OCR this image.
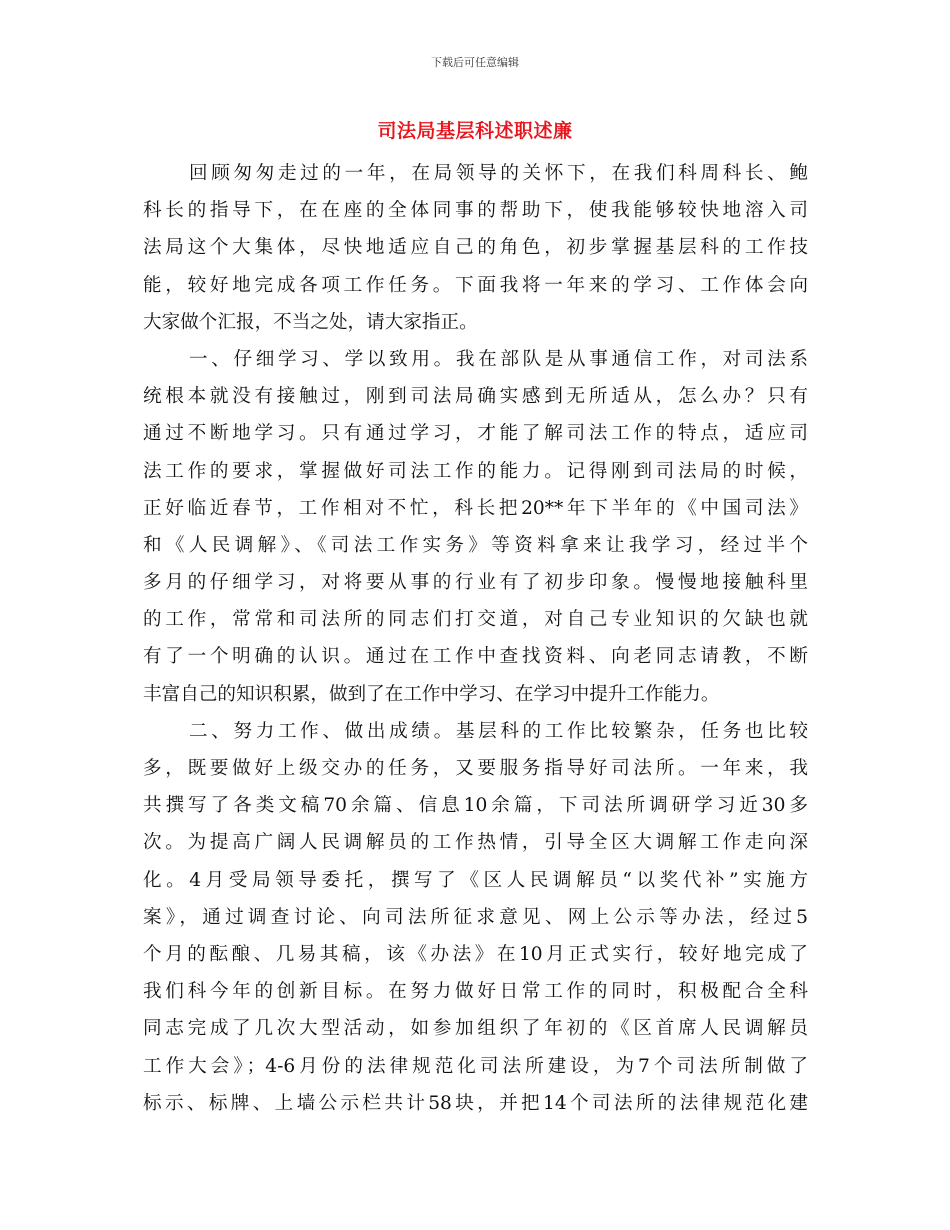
下载后可任意编辑
司法局基层科述职述廉
回顾匆匆走过的一年，在局领导的关怀下，在我们科周科长、鲍
科长的指导下，在在座的全体同事的帮助下，使我能够较快地溶入司
法局这个大集体，尽快地适应自己的角色，初步掌握基层科的工作技
能，较好地完成各项工作任务。下面我将一年来的学习、工作体会向
大家做个汇报，不当之处，请大家指正。
一、仔细学习、学以致用。我在部队是从事通信工作，对司法系
统根本就没有接触过，刚到司法局确实感到无所适从，怎么办？只有
通过不断地学习。只有通过学习，才能了解司法工作的特点，适应司
法工作的要求，掌握做好司法工作的能力。记得刚到司法局的时候，
正好临近春节，工作相对不忙，科长把20**年下半年的《中国司法》
和《人民调解》、《司法工作实务》等资料拿来让我学习，经过半个
多月的仔细学习，对将要从事的行业有了初步印象。慢慢地接触科里
的工作，常常和司法所的同志们打交道，对自己专业知识的欠缺也就
有了一个明确的认识。通过在工作中查找资料、向老同志请教，不断
丰富自己的知识积累，做到了在工作中学习、在学习中提升工作能力。
二、努力工作、做出成绩。基层科的工作比较繁杂，任务也比较
多，既要做好上级交办的任务，又要服务指导好司法所。一年来，我
共撰写了各类文稿70余篇、信息10余篇，下司法所调研学习近30多
次。为提高广阔人民调解员的工作热情，引导全区大调解工作走向深
化。4月受局领导委托，撰写了《区人民调解员“以奖代补”实施方
案》，通过调查讨论、向司法所征求意见、网上公示等办法，经过5
个月的酝酿、几易其稿，该《办法》在10月正式实行，较好地完成了
我们科今年的创新目标。在努力做好日常工作的同时，积极配合全科
同志完成了几次大型活动，如参加组织了年初的《区首席人民调解员
工作大会》；4-6月份的法律规范化司法所建设，为7个司法所制做了
标示、标牌、上墙公示栏共计58块，并把14个司法所的法律规范化建
